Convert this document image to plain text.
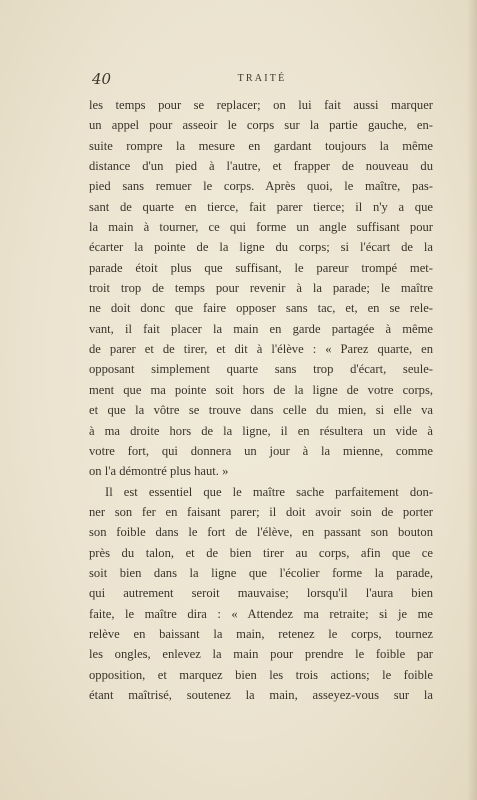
40	TRAITÉ
les temps pour se replacer; on lui fait aussi marquer
un appel pour asseoir le corps sur la partie gauche, en-
suite rompre la mesure en gardant toujours la même
distance d'un pied à l'autre, et frapper de nouveau du
pied sans remuer le corps. Après quoi, le maître, pas-
sant de quarte en tierce, fait parer tierce; il n'y a que
la main à tourner, ce qui forme un angle suffisant pour
écarter la pointe de la ligne du corps; si l'écart de la
parade étoit plus que suffisant, le pareur trompé met-
troit trop de temps pour revenir à la parade; le maître
ne doit donc que faire opposer sans tac, et, en se rele-
vant, il fait placer la main en garde partagée à même
de parer et de tirer, et dit à l'élève : « Parez quarte, en
opposant simplement quarte sans trop d'écart, seule-
ment que ma pointe soit hors de la ligne de votre corps,
et que la vôtre se trouve dans celle du mien, si elle va
à ma droite hors de la ligne, il en résultera un vide à
votre fort, qui donnera un jour à la mienne, comme
on l'a démontré plus haut. »
Il est essentiel que le maître sache parfaitement don-
ner son fer en faisant parer; il doit avoir soin de porter
son foible dans le fort de l'élève, en passant son bouton
près du talon, et de bien tirer au corps, afin que ce
soit bien dans la ligne que l'écolier forme la parade,
qui autrement seroit mauvaise; lorsqu'il l'aura bien
faite, le maître dira : « Attendez ma retraite; si je me
relève en baissant la main, retenez le corps, tournez
les ongles, enlevez la main pour prendre le foible par
opposition, et marquez bien les trois actions; le foible
étant maîtrisé, soutenez la main, asseyez-vous sur la
